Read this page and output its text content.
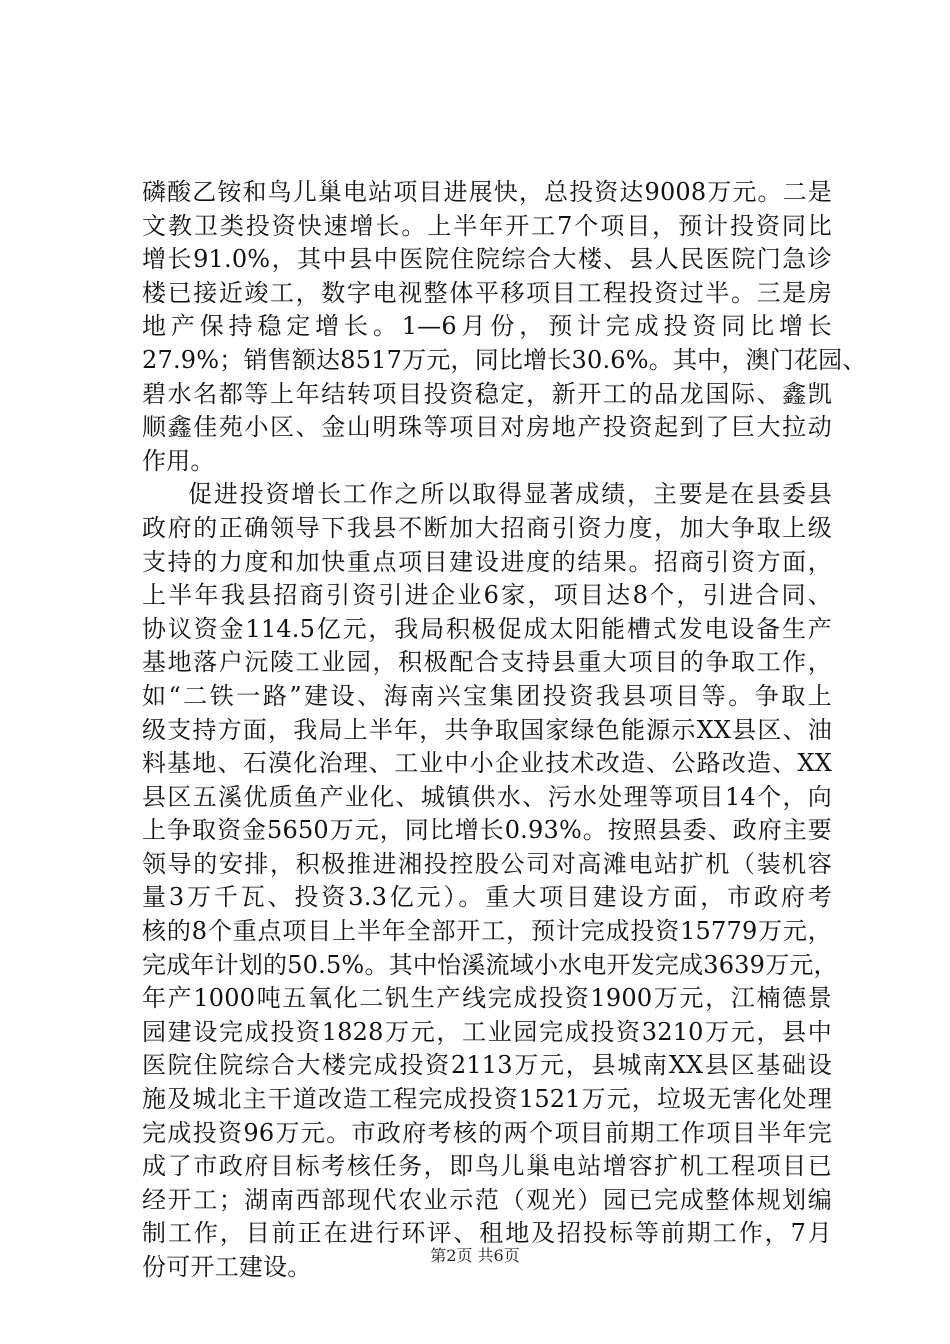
磷酸乙铵和鸟儿巢电站项目进展快，总投资达9008万元。二是
文教卫类投资快速增长。上半年开工7个项目，预计投资同比
增长91.0%，其中县中医院住院综合大楼、县人民医院门急诊
楼已接近竣工，数字电视整体平移项目工程投资过半。三是房
地产保持稳定增长。1—6月份，预计完成投资同比增长
27.9%；销售额达8517万元，同比增长30.6%。其中，澳门花园、
碧水名都等上年结转项目投资稳定，新开工的品龙国际、鑫凯
顺鑫佳苑小区、金山明珠等项目对房地产投资起到了巨大拉动
作用。
促进投资增长工作之所以取得显著成绩，主要是在县委县
政府的正确领导下我县不断加大招商引资力度，加大争取上级
支持的力度和加快重点项目建设进度的结果。招商引资方面，
上半年我县招商引资引进企业6家，项目达8个，引进合同、
协议资金114.5亿元，我局积极促成太阳能槽式发电设备生产
基地落户沅陵工业园，积极配合支持县重大项目的争取工作，
如“二铁一路”建设、海南兴宝集团投资我县项目等。争取上
级支持方面，我局上半年，共争取国家绿色能源示XX县区、油
料基地、石漠化治理、工业中小企业技术改造、公路改造、XX
县区五溪优质鱼产业化、城镇供水、污水处理等项目14个，向
上争取资金5650万元，同比增长0.93%。按照县委、政府主要
领导的安排，积极推进湘投控股公司对高滩电站扩机（装机容
量3万千瓦、投资3.3亿元）。重大项目建设方面，市政府考
核的8个重点项目上半年全部开工，预计完成投资15779万元，
完成年计划的50.5%。其中怡溪流域小水电开发完成3639万元，
年产1000吨五氧化二钒生产线完成投资1900万元，江楠德景
园建设完成投资1828万元，工业园完成投资3210万元，县中
医院住院综合大楼完成投资2113万元，县城南XX县区基础设
施及城北主干道改造工程完成投资1521万元，垃圾无害化处理
完成投资96万元。市政府考核的两个项目前期工作项目半年完
成了市政府目标考核任务，即鸟儿巢电站增容扩机工程项目已
经开工；湖南西部现代农业示范（观光）园已完成整体规划编
制工作，目前正在进行环评、租地及招投标等前期工作，7月
份可开工建设。	第2页 共6页
